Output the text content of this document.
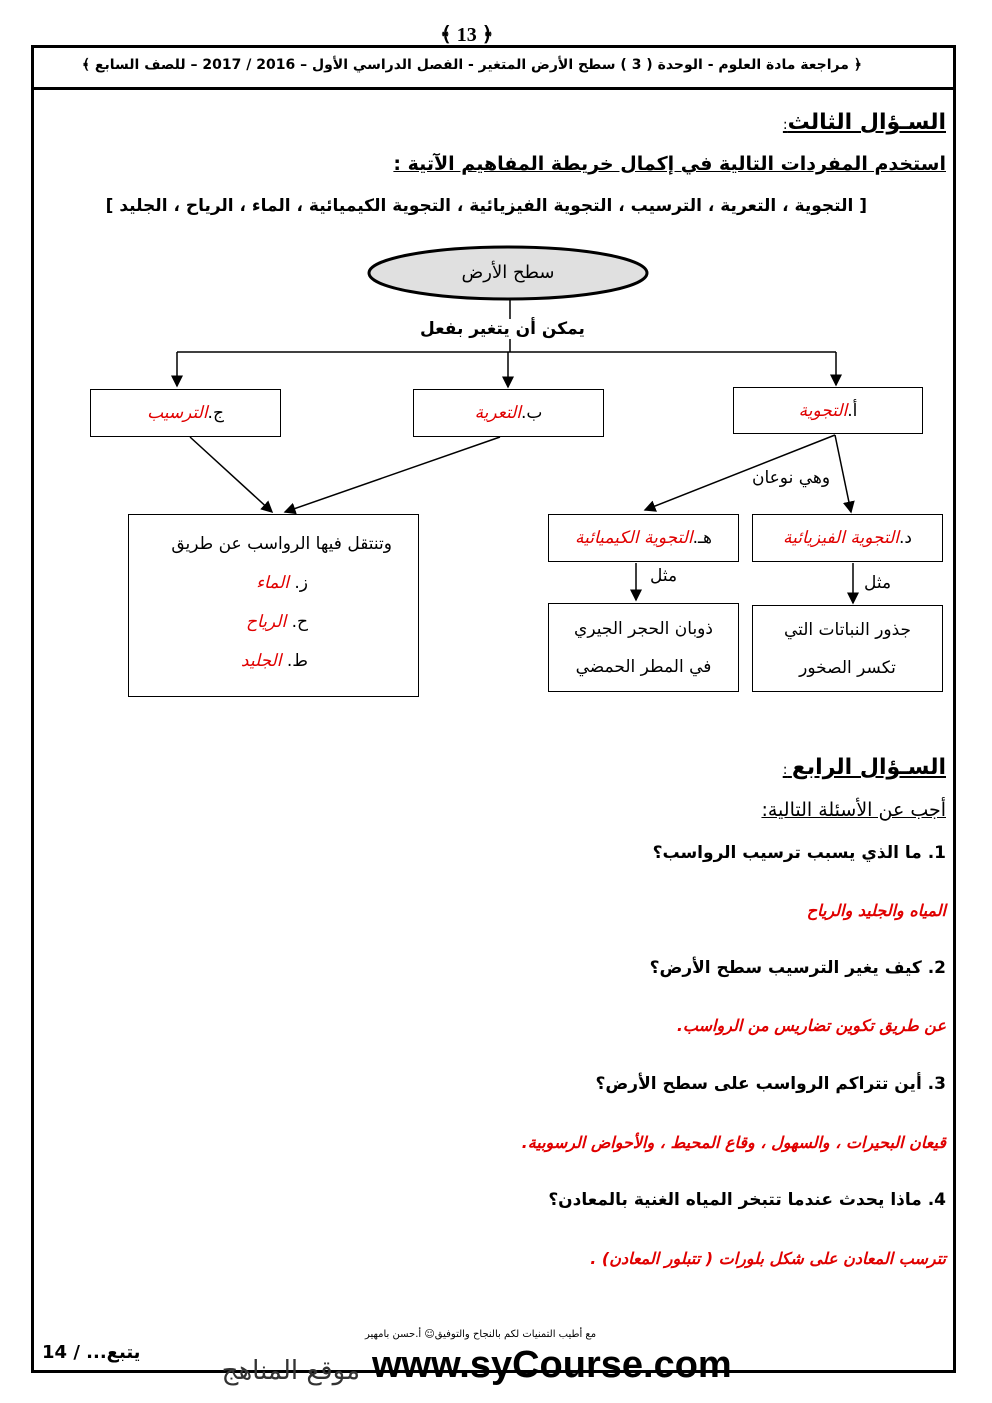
﴿ 13 ﴾
﴿ مراجعة مادة العلوم - الوحدة ( 3 ) سطح الأرض المتغير - الفصل الدراسي الأول – 2016 / 2017 – للصف السابع ﴾
السـؤال الثالث:
استخدم المفردات التالية في إكمال خريطة المفاهيم الآتية :
[ التجوية ، التعرية ، الترسيب ، التجوية الفيزيائية ، التجوية الكيميائية ، الماء ، الرياح ، الجليد ]
سطح الأرض
يمكن أن يتغير بفعل
أ.
التجوية
ب.
التعرية
ج.
الترسيب
وهي نوعان
د.
التجوية الفيزيائية
هـ.
التجوية الكيميائية
مثل	مثل
جذور النباتات التي
تكسر الصخور
ذوبان الحجر الجيري
في المطر الحمضي
وتنتقل فيها الرواسب عن طريق
ز. الماء
ح. الرياح
ط. الجليد
السـؤال الرابع :
أجب عن الأسئلة التالية:
1. ما الذي يسبب ترسيب الرواسب؟
المياه والجليد والرياح
2. كيف يغير الترسيب سطح الأرض؟
عن طريق تكوين تضاريس من الرواسب.
3. أين تتراكم الرواسب على سطح الأرض؟
قيعان البحيرات ، والسهول ، وقاع المحيط ، والأحواض الرسوبية.
4. ماذا يحدث عندما تتبخر المياه الغنية بالمعادن؟
تترسب المعادن على شكل بلورات ( تتبلور المعادن) .
مع أطيب التمنيات لكم بالنجاح والتوفيق☺ أ.حسن بامهير
يتبع... / 14	www.syCourse.com
موقع المناهج
